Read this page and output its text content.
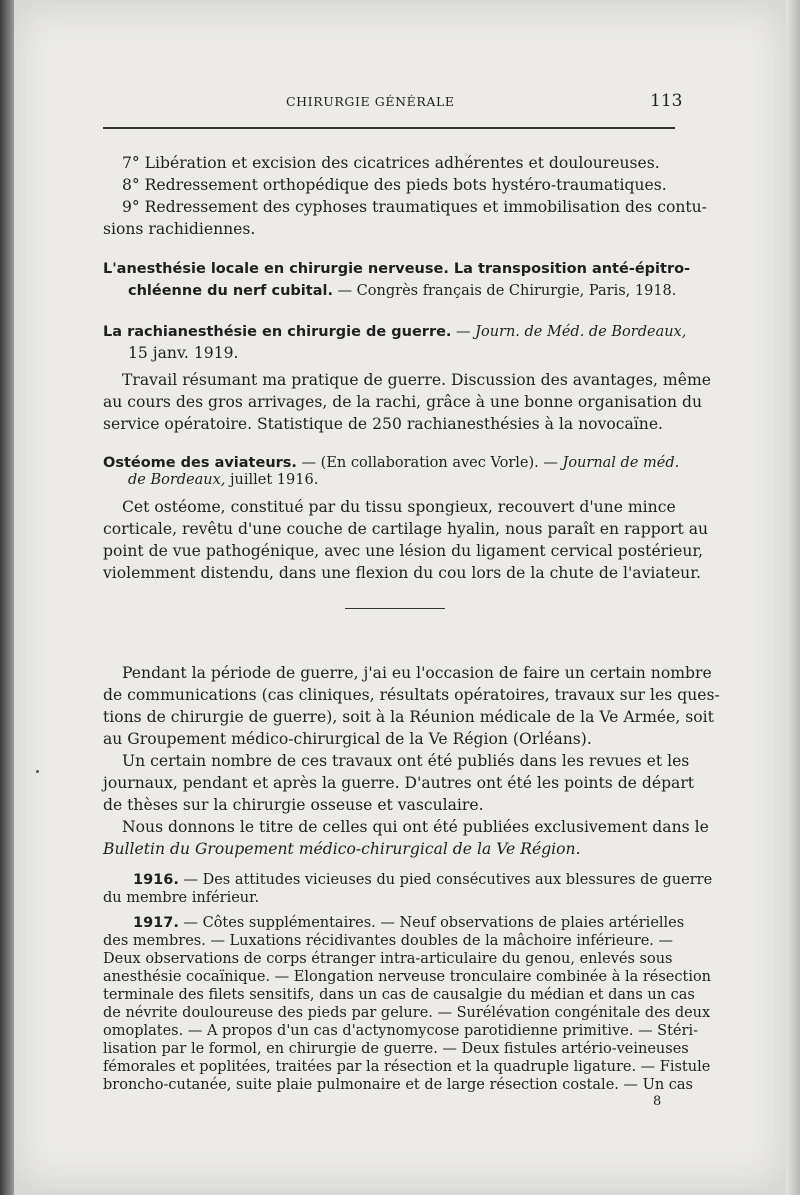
CHIRURGIE GÉNÉRALE	113
7° Libération et excision des cicatrices adhérentes et douloureuses.
8° Redressement orthopédique des pieds bots hystéro-traumatiques.
9° Redressement des cyphoses traumatiques et immobilisation des contu-
sions rachidiennes.
L'anesthésie locale en chirurgie nerveuse. La transposition anté-épitro-
chléenne du nerf cubital. — Congrès français de Chirurgie, Paris, 1918.
La rachianesthésie en chirurgie de guerre. — Journ. de Méd. de Bordeaux,
15 janv. 1919.
Travail résumant ma pratique de guerre. Discussion des avantages, même
au cours des gros arrivages, de la rachi, grâce à une bonne organisation du
service opératoire. Statistique de 250 rachianesthésies à la novocaïne.
Ostéome des aviateurs. — (En collaboration avec Vorle). — Journal de méd.
de Bordeaux, juillet 1916.
Cet ostéome, constitué par du tissu spongieux, recouvert d'une mince
corticale, revêtu d'une couche de cartilage hyalin, nous paraît en rapport au
point de vue pathogénique, avec une lésion du ligament cervical postérieur,
violemment distendu, dans une flexion du cou lors de la chute de l'aviateur.
Pendant la période de guerre, j'ai eu l'occasion de faire un certain nombre
de communications (cas cliniques, résultats opératoires, travaux sur les ques-
tions de chirurgie de guerre), soit à la Réunion médicale de la Ve Armée, soit
au Groupement médico-chirurgical de la Ve Région (Orléans).
Un certain nombre de ces travaux ont été publiés dans les revues et les
journaux, pendant et après la guerre. D'autres ont été les points de départ
de thèses sur la chirurgie osseuse et vasculaire.
Nous donnons le titre de celles qui ont été publiées exclusivement dans le
Bulletin du Groupement médico-chirurgical de la Ve Région.
1916. — Des attitudes vicieuses du pied consécutives aux blessures de guerre
du membre inférieur.
1917. — Côtes supplémentaires. — Neuf observations de plaies artérielles
des membres. — Luxations récidivantes doubles de la mâchoire inférieure. —
Deux observations de corps étranger intra-articulaire du genou, enlevés sous
anesthésie cocaïnique. — Elongation nerveuse tronculaire combinée à la résection
terminale des filets sensitifs, dans un cas de causalgie du médian et dans un cas
de névrite douloureuse des pieds par gelure. — Surélévation congénitale des deux
omoplates. — A propos d'un cas d'actynomycose parotidienne primitive. — Stéri-
lisation par le formol, en chirurgie de guerre. — Deux fistules artério-veineuses
fémorales et poplitées, traitées par la résection et la quadruple ligature. — Fistule
broncho-cutanée, suite plaie pulmonaire et de large résection costale. — Un cas
8
